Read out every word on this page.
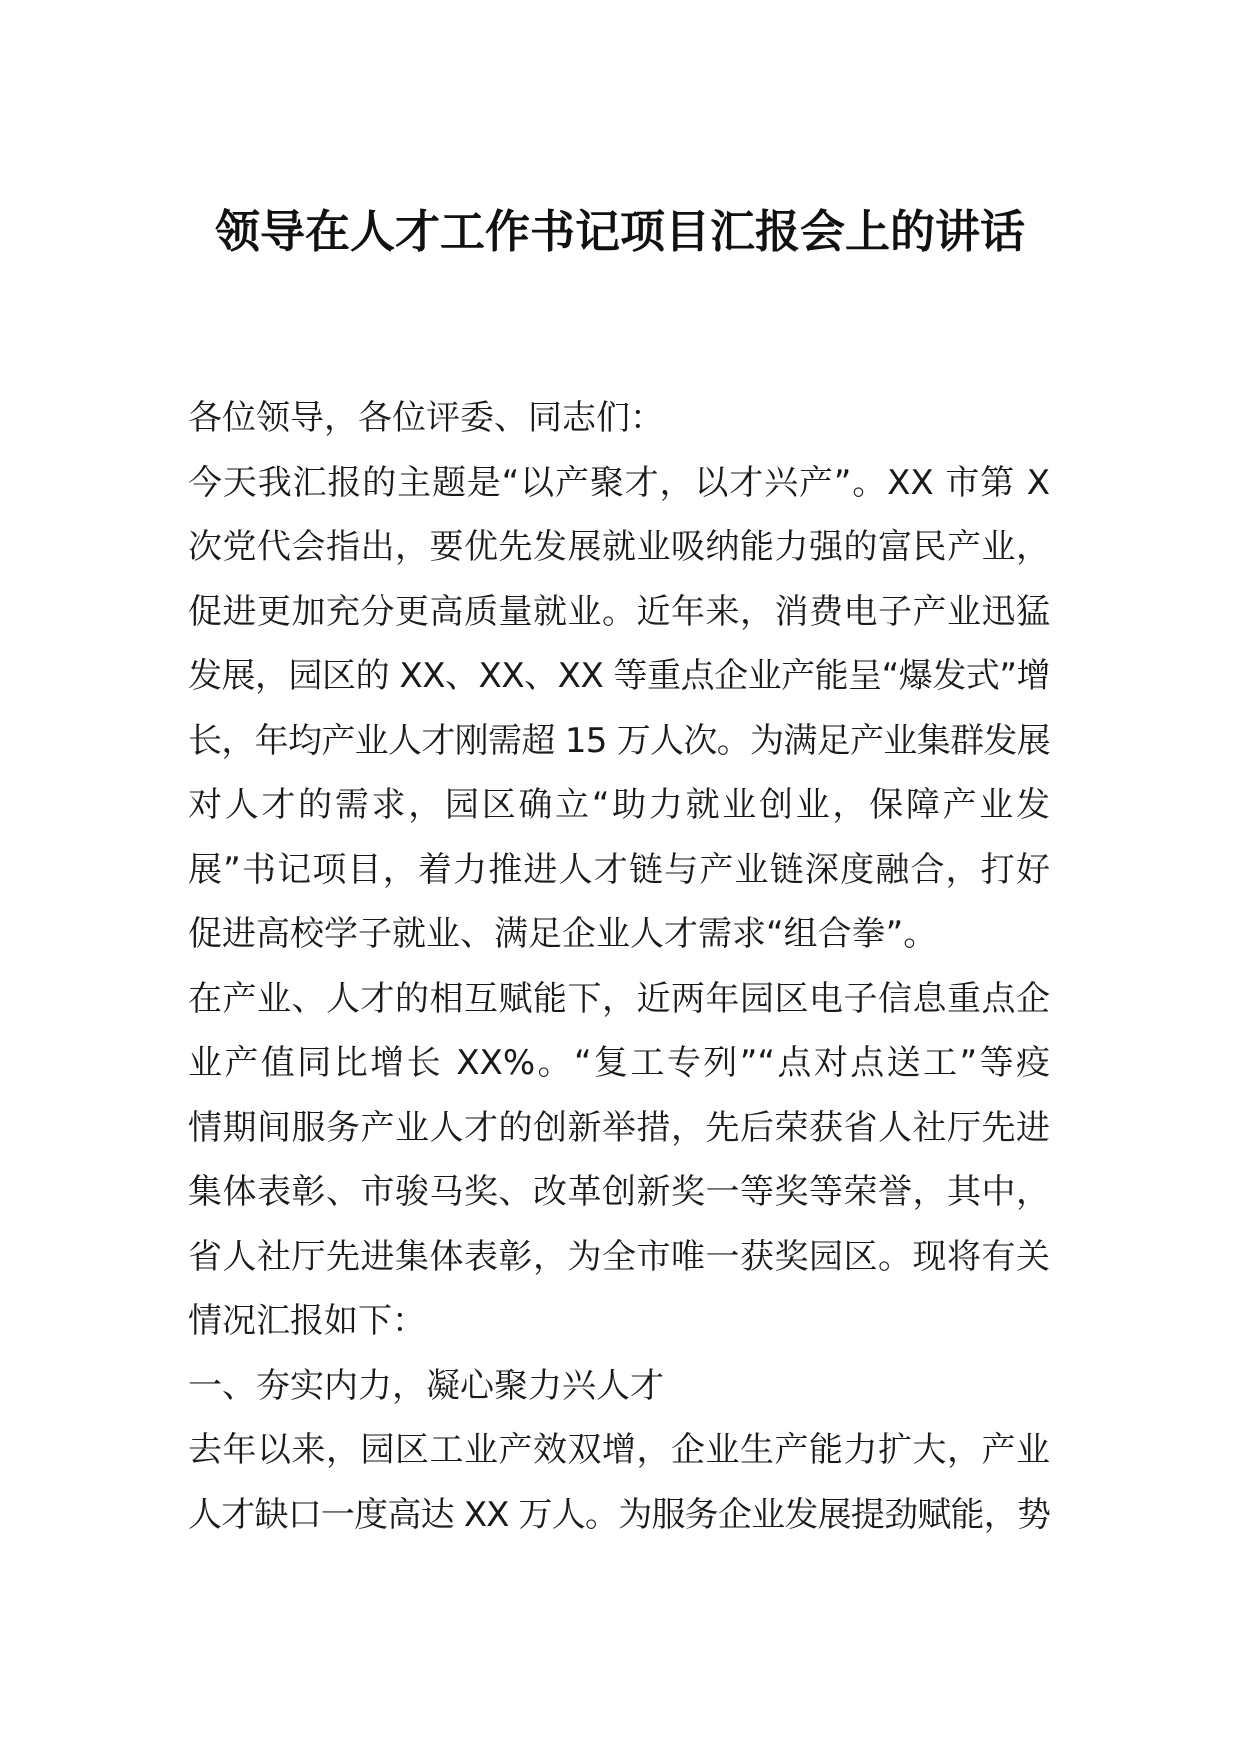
领导在人才工作书记项目汇报会上的讲话
各位领导，各位评委、同志们：
今天我汇报的主题是“以产聚才，以才兴产”。XX 市第 X
次党代会指出，要优先发展就业吸纳能力强的富民产业，
促进更加充分更高质量就业。近年来，消费电子产业迅猛
发展，园区的 XX、XX、XX 等重点企业产能呈“爆发式”增
长，年均产业人才刚需超 15 万人次。为满足产业集群发展
对人才的需求，园区确立“助力就业创业，保障产业发
展”书记项目，着力推进人才链与产业链深度融合，打好
促进高校学子就业、满足企业人才需求“组合拳”。
在产业、人才的相互赋能下，近两年园区电子信息重点企
业产值同比增长 XX%。“复工专列”“点对点送工”等疫
情期间服务产业人才的创新举措，先后荣获省人社厅先进
集体表彰、市骏马奖、改革创新奖一等奖等荣誉，其中，
省人社厅先进集体表彰，为全市唯一获奖园区。现将有关
情况汇报如下：
一、夯实内力，凝心聚力兴人才
去年以来，园区工业产效双增，企业生产能力扩大，产业
人才缺口一度高达 XX 万人。为服务企业发展提劲赋能，势
